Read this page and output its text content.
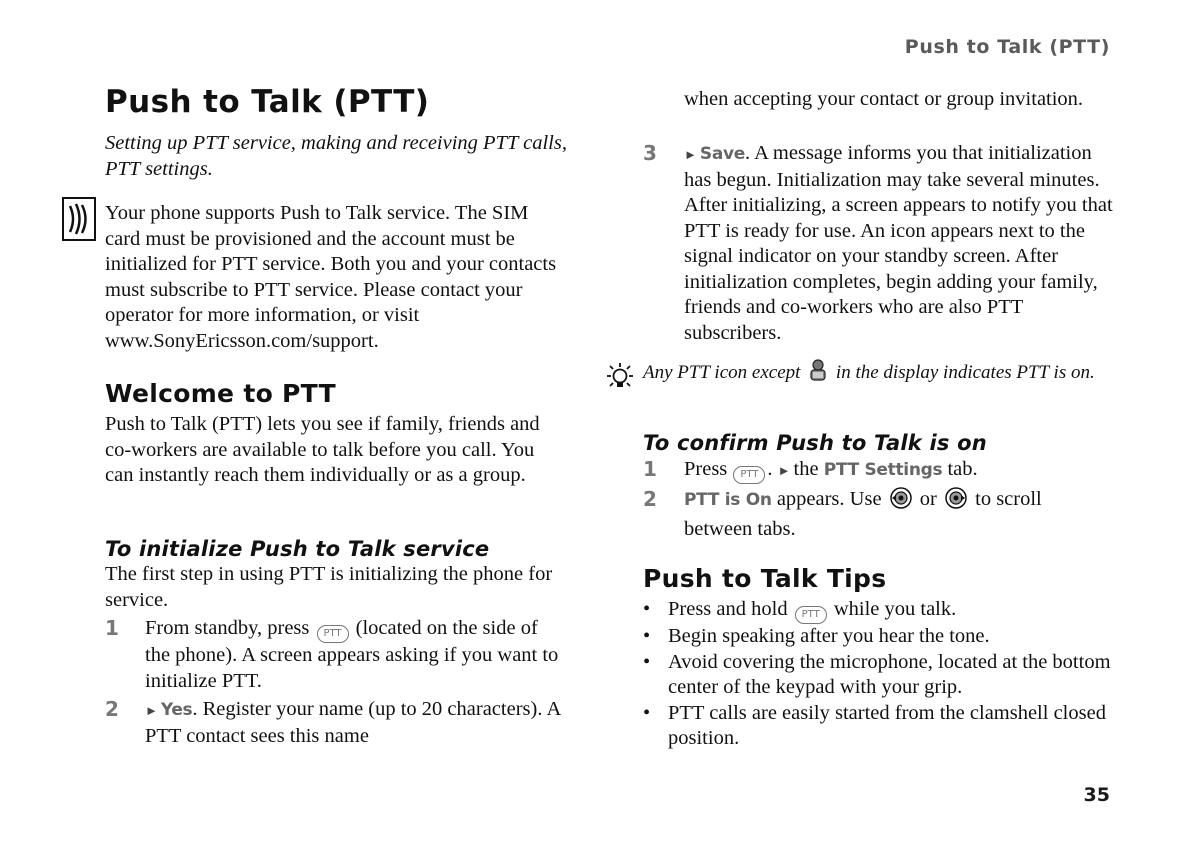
Push to Talk (PTT)
35
Push to Talk (PTT)
Setting up PTT service, making and receiving PTT calls, PTT settings.
Your phone supports Push to Talk service. The SIM card must be provisioned and the account must be initialized for PTT service. Both you and your contacts must subscribe to PTT service. Please contact your operator for more information, or visit www.SonyEricsson.com/support.
Welcome to PTT
Push to Talk (PTT) lets you see if family, friends and co-workers are available to talk before you call. You can instantly reach them individually or as a group.
To initialize Push to Talk service
The first step in using PTT is initializing the phone for service.
1	From standby, press PTT (located on the side of the phone). A screen appears asking if you want to initialize PTT.
2	► Yes. Register your name (up to 20 characters). A PTT contact sees this name
when accepting your contact or group invitation.
3	► Save. A message informs you that initialization has begun. Initialization may take several minutes. After initializing, a screen appears to notify you that PTT is ready for use. An icon appears next to the signal indicator on your standby screen. After initialization completes, begin adding your family, friends and co-workers who are also PTT subscribers.
Any PTT icon except in the display indicates PTT is on.
To confirm Push to Talk is on
1	Press PTT . ► the PTT Settings tab.
2	PTT is On appears. Use or to scroll between tabs.
Push to Talk Tips
• Press and hold PTT while you talk.
• Begin speaking after you hear the tone.
• Avoid covering the microphone, located at the bottom center of the keypad with your grip.
• PTT calls are easily started from the clamshell closed position.
